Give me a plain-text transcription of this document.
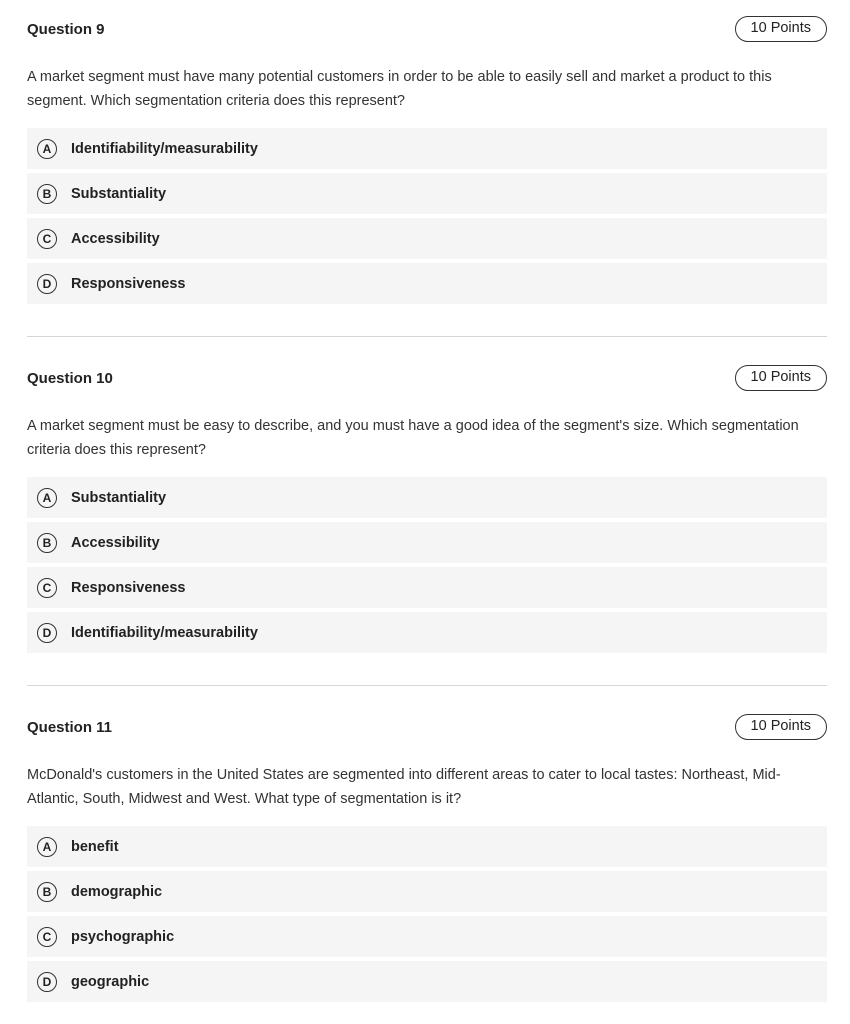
Question 9	10 Points
A market segment must have many potential customers in order to be able to easily sell and market a product to this segment. Which segmentation criteria does this represent?
A	Identifiability/measurability
B	Substantiality
C	Accessibility
D	Responsiveness
Question 10	10 Points
A market segment must be easy to describe, and you must have a good idea of the segment's size. Which segmentation criteria does this represent?
A	Substantiality
B	Accessibility
C	Responsiveness
D	Identifiability/measurability
Question 11	10 Points
McDonald's customers in the United States are segmented into different areas to cater to local tastes: Northeast, Mid-Atlantic, South, Midwest and West. What type of segmentation is it?
A	benefit
B	demographic
C	psychographic
D	geographic
